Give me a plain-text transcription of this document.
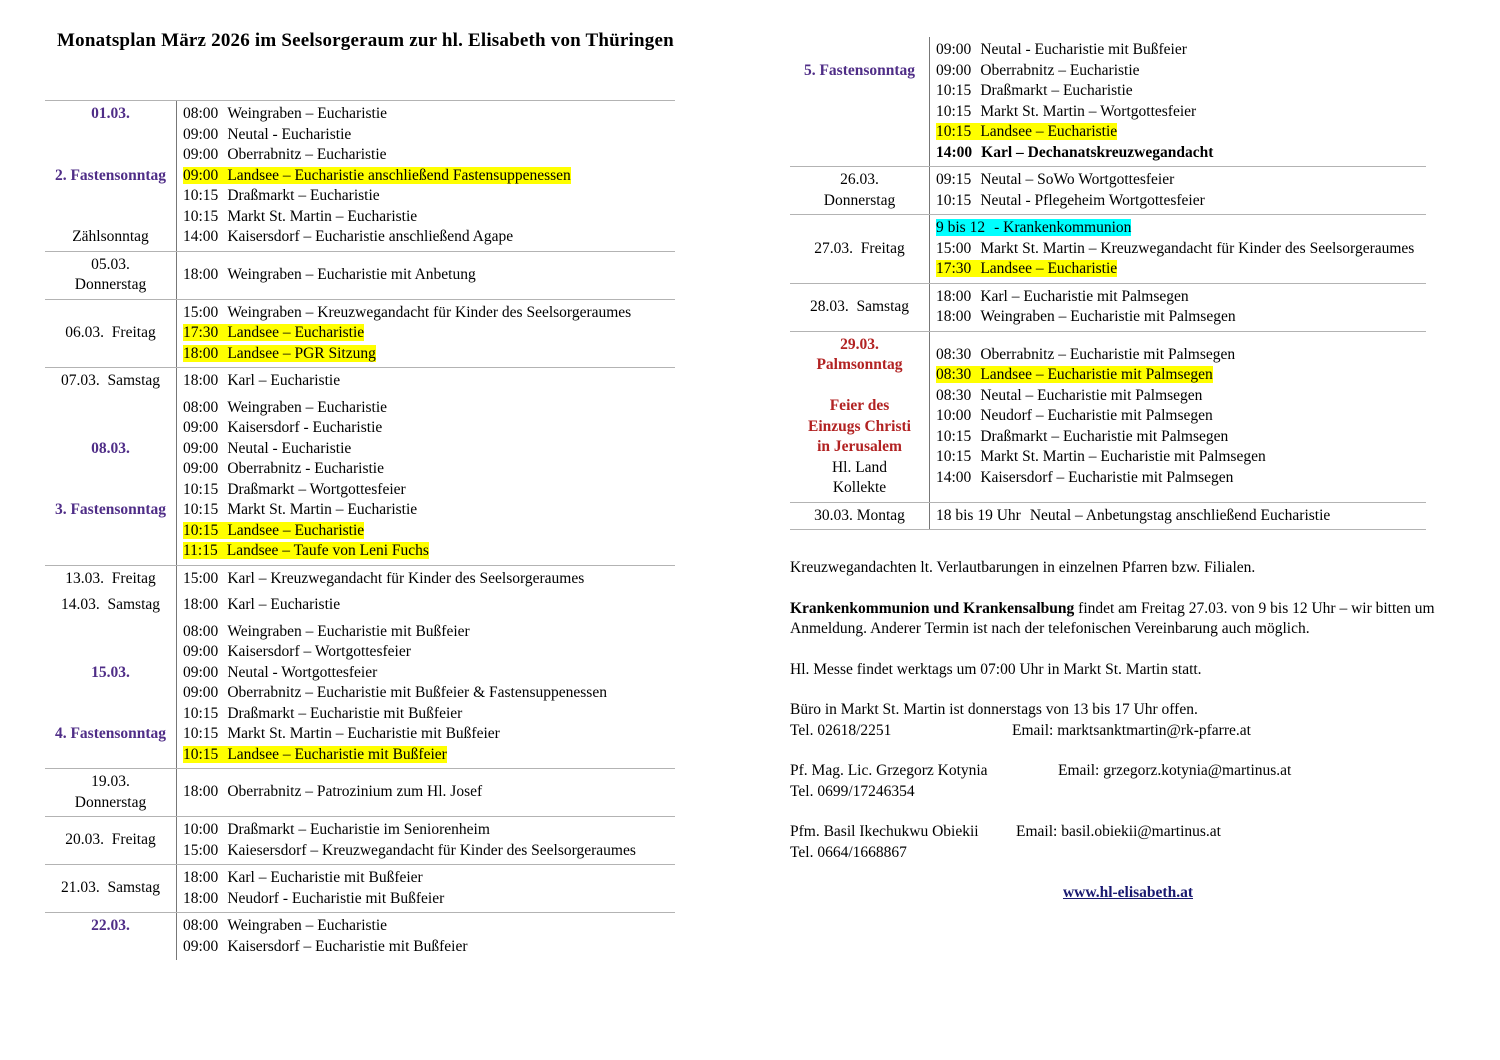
Monatsplan März 2026 im Seelsorgeraum zur hl. Elisabeth von Thüringen
01.03.

2. Fastensonntag

Zählsonntag
08:00 Weingraben – Eucharistie
09:00 Neutal - Eucharistie
09:00 Oberrabnitz – Eucharistie
09:00 Landsee – Eucharistie anschließend Fastensuppenessen
10:15 Draßmarkt – Eucharistie
10:15 Markt St. Martin – Eucharistie
14:00 Kaisersdorf – Eucharistie anschließend Agape
05.03.
Donnerstag
18:00 Weingraben – Eucharistie mit Anbetung
06.03.  Freitag
15:00 Weingraben – Kreuzwegandacht für Kinder des Seelsorgeraumes
17:30 Landsee – Eucharistie
18:00 Landsee – PGR Sitzung
07.03.  Samstag	18:00 Karl – Eucharistie

08.03.

3. Fastensonntag

08:00 Weingraben – Eucharistie
09:00 Kaisersdorf - Eucharistie
09:00 Neutal - Eucharistie
09:00 Oberrabnitz - Eucharistie
10:15 Draßmarkt – Wortgottesfeier
10:15 Markt St. Martin – Eucharistie
10:15 Landsee – Eucharistie
11:15 Landsee – Taufe von Leni Fuchs
13.03.  Freitag	15:00 Karl – Kreuzwegandacht für Kinder des Seelsorgeraumes
14.03.  Samstag	18:00 Karl – Eucharistie

15.03.

4. Fastensonntag

08:00 Weingraben – Eucharistie mit Bußfeier
09:00 Kaisersdorf – Wortgottesfeier
09:00 Neutal - Wortgottesfeier
09:00 Oberrabnitz – Eucharistie mit Bußfeier & Fastensuppenessen
10:15 Draßmarkt – Eucharistie mit Bußfeier
10:15 Markt St. Martin – Eucharistie mit Bußfeier
10:15 Landsee – Eucharistie mit Bußfeier
19.03.
Donnerstag
18:00 Oberrabnitz – Patrozinium zum Hl. Josef
20.03.  Freitag
10:00 Draßmarkt – Eucharistie im Seniorenheim
15:00 Kaiesersdorf – Kreuzwegandacht für Kinder des Seelsorgeraumes
21.03.  Samstag
18:00 Karl – Eucharistie mit Bußfeier
18:00 Neudorf - Eucharistie mit Bußfeier
22.03.
	08:00 Weingraben – Eucharistie
09:00 Kaisersdorf – Eucharistie mit Bußfeier

5. Fastensonntag

09:00 Neutal - Eucharistie mit Bußfeier
09:00 Oberrabnitz – Eucharistie
10:15 Draßmarkt – Eucharistie
10:15 Markt St. Martin – Wortgottesfeier
10:15 Landsee – Eucharistie
14:00 Karl – Dechanatskreuzwegandacht
26.03.
Donnerstag
09:15 Neutal – SoWo Wortgottesfeier
10:15 Neutal - Pflegeheim Wortgottesfeier
27.03.  Freitag
9 bis 12 - Krankenkommunion
15:00 Markt St. Martin – Kreuzwegandacht für Kinder des Seelsorgeraumes
17:30 Landsee – Eucharistie
28.03.  Samstag
18:00 Karl – Eucharistie mit Palmsegen
18:00 Weingraben – Eucharistie mit Palmsegen
29.03.
Palmsonntag

Feier des
Einzugs Christi
in Jerusalem
Hl. Land
Kollekte
08:30 Oberrabnitz – Eucharistie mit Palmsegen
08:30 Landsee – Eucharistie mit Palmsegen
08:30 Neutal – Eucharistie mit Palmsegen
10:00 Neudorf – Eucharistie mit Palmsegen
10:15 Draßmarkt – Eucharistie mit Palmsegen
10:15 Markt St. Martin – Eucharistie mit Palmsegen
14:00 Kaisersdorf – Eucharistie mit Palmsegen
30.03. Montag	18 bis 19 Uhr Neutal – Anbetungstag anschließend Eucharistie
Kreuzwegandachten lt. Verlautbarungen in einzelnen Pfarren bzw. Filialen.
Krankenkommunion und Krankensalbung findet am Freitag 27.03. von 9 bis 12 Uhr – wir bitten um Anmeldung. Anderer Termin ist nach der telefonischen Vereinbarung auch möglich.
Hl. Messe findet werktags um 07:00 Uhr in Markt St. Martin statt.
Büro in Markt St. Martin ist donnerstags von 13 bis 17 Uhr offen.
Tel. 02618/2251	Email: marktsanktmartin@rk-pfarre.at
Pf. Mag. Lic. Grzegorz Kotynia	Email: grzegorz.kotynia@martinus.at
Tel. 0699/17246354
Pfm. Basil Ikechukwu Obiekii	Email: basil.obiekii@martinus.at
Tel. 0664/1668867
www.hl-elisabeth.at
